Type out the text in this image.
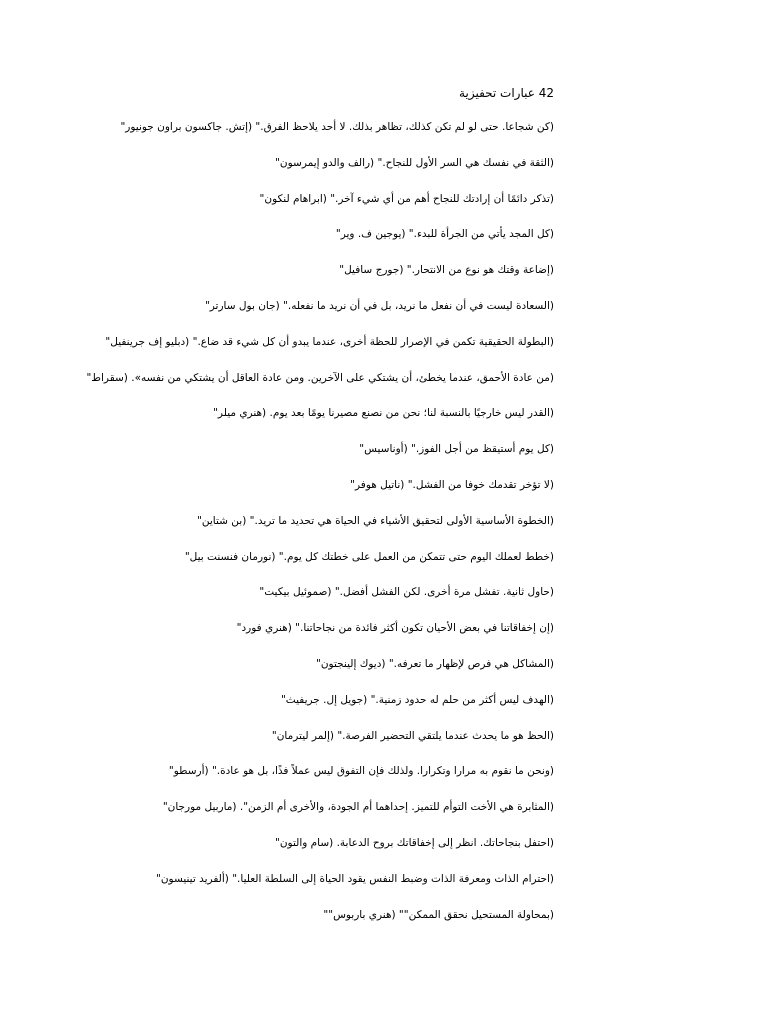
42 عبارات تحفيزية
(كن شجاعا. حتى لو لم تكن كذلك، تظاهر بذلك. لا أحد يلاحظ الفرق." (إتش. جاكسون براون جونيور"
(الثقة في نفسك هي السر الأول للنجاح." (رالف والدو إيمرسون"
(تذكر دائمًا أن إرادتك للنجاح أهم من أي شيء آخر." (ابراهام لنكون"
(كل المجد يأتي من الجرأة للبدء." (يوجين ف. وير"
(إضاعة وقتك هو نوع من الانتحار." (جورج سافيل"
(السعادة ليست في أن نفعل ما نريد، بل في أن نريد ما نفعله." (جان بول سارتر"
(البطولة الحقيقية تكمن في الإصرار للحظة أخرى، عندما يبدو أن كل شيء قد ضاع." (دبليو إف جرينفيل"
(من عادة الأحمق، عندما يخطئ، أن يشتكي على الآخرين. ومن عادة العاقل أن يشتكي من نفسه». (سقراط"
(القدر ليس خارجيًا بالنسبة لنا؛ نحن من نصنع مصيرنا يومًا بعد يوم. (هنري ميلر"
(كل يوم أستيقظ من أجل الفوز." (أوناسيس"
(لا تؤخر تقدمك خوفا من الفشل." (ناتيل هوفر"
(الخطوة الأساسية الأولى لتحقيق الأشياء في الحياة هي تحديد ما تريد." (بن شتاين"
(خطط لعملك اليوم حتى تتمكن من العمل على خطتك كل يوم." (نورمان فنسنت بيل"
(حاول ثانية. تفشل مرة أخرى. لكن الفشل أفضل." (صموئيل بيكيت"
(إن إخفاقاتنا في بعض الأحيان تكون أكثر فائدة من نجاحاتنا." (هنري فورد"
(المشاكل هي فرص لإظهار ما تعرفه." (ديوك إلينجتون"
(الهدف ليس أكثر من حلم له حدود زمنية." (جويل إل. جريفيث"
(الحظ هو ما يحدث عندما يلتقي التحضير الفرصة." (إلمر ليترمان"
(ونحن ما نقوم به مرارا وتكرارا. ولذلك فإن التفوق ليس عملاً فذًا، بل هو عادة." (أرسطو"
(المثابرة هي الأخت التوأم للتميز. إحداهما أم الجودة، والأخرى أم الزمن". (ماربيل مورجان"
(احتفل بنجاحاتك. انظر إلى إخفاقاتك بروح الدعابة. (سام والتون"
(احترام الذات ومعرفة الذات وضبط النفس يقود الحياة إلى السلطة العليا." (ألفريد تينيسون"
(بمحاولة المستحيل نحقق الممكن"" (هنري باربوس""
